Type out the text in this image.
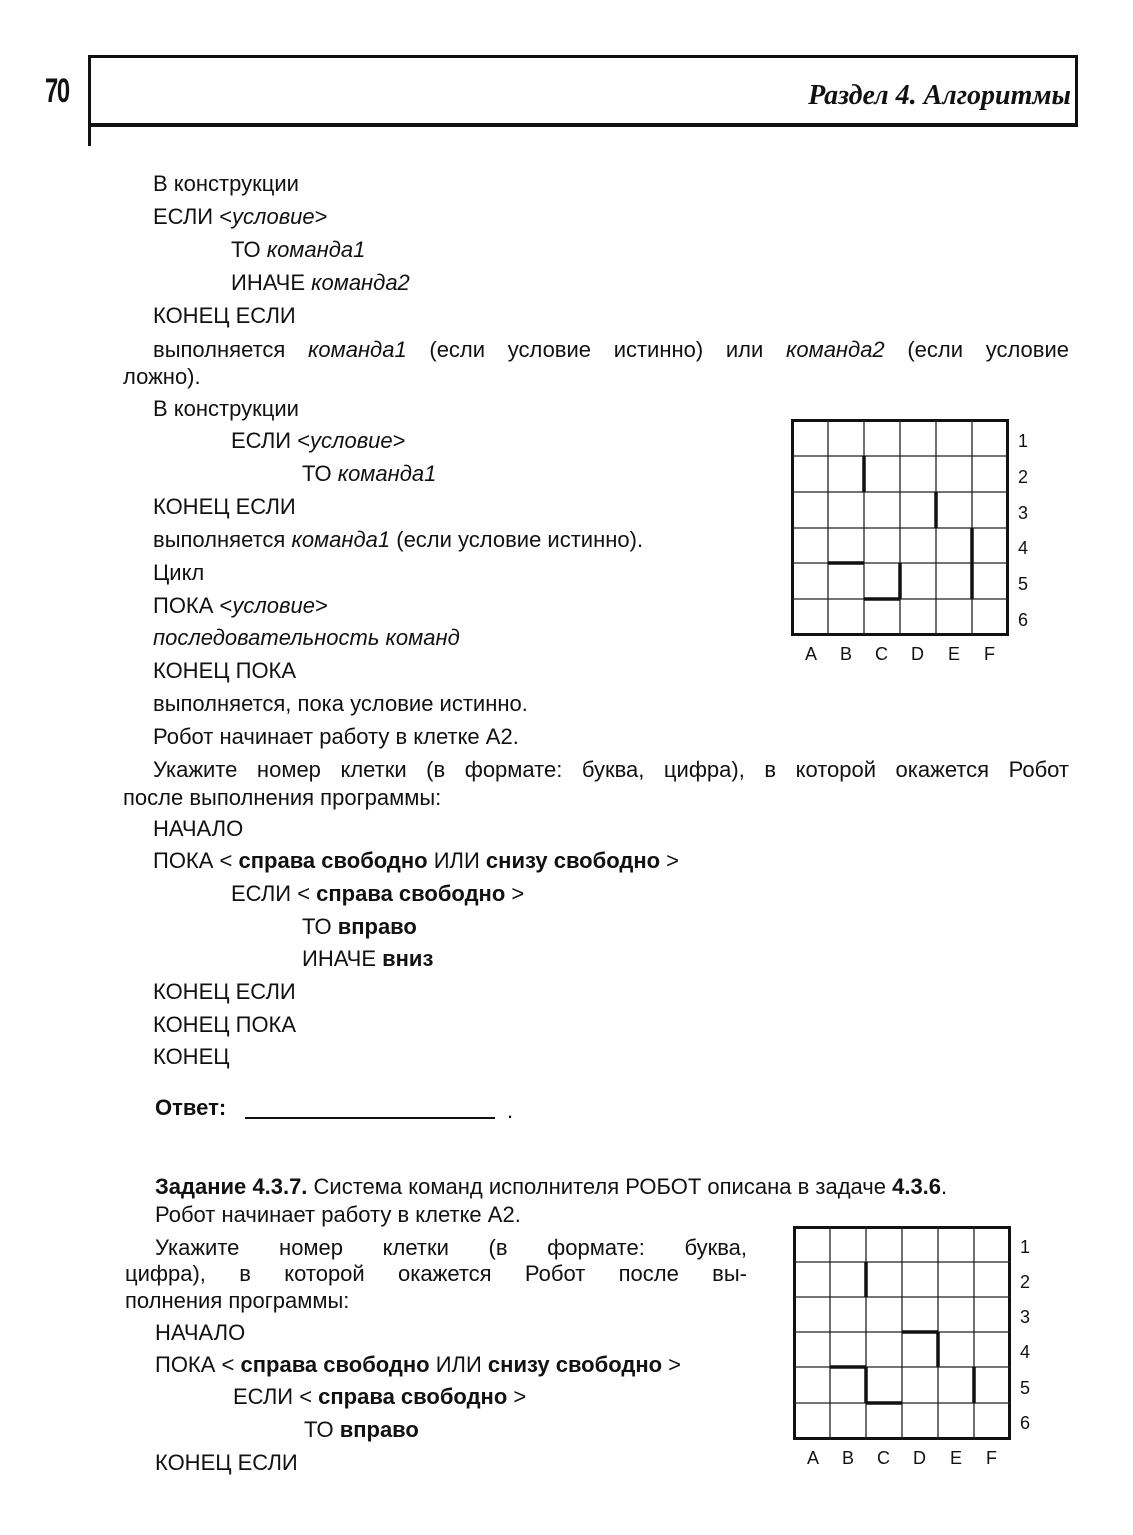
70	Раздел 4. Алгоритмы
В конструкции
ЕСЛИ <условие>
ТО команда1
ИНАЧЕ команда2
КОНЕЦ ЕСЛИ
выполняется команда1 (если условие истинно) или команда2 (если условие
ложно).
В конструкции
ЕСЛИ <условие>
ТО команда1
КОНЕЦ ЕСЛИ
выполняется команда1 (если условие истинно).
Цикл
ПОКА <условие>
последовательность команд
КОНЕЦ ПОКА
выполняется, пока условие истинно.
Робот начинает работу в клетке А2.
Укажите номер клетки (в формате: буква, цифра), в которой окажется Робот
после выполнения программы:
НАЧАЛО
ПОКА < справа свободно ИЛИ снизу свободно >
ЕСЛИ < справа свободно >
ТО вправо
ИНАЧЕ вниз
КОНЕЦ ЕСЛИ
КОНЕЦ ПОКА
КОНЕЦ
Ответ:	.
1
2
3
4
5
6
A B C D E F
Задание 4.3.7. Система команд исполнителя РОБОТ описана в задаче 4.3.6.
Робот начинает работу в клетке А2.
Укажите номер клетки (в формате: буква,
цифра), в которой окажется Робот после вы-
полнения программы:
НАЧАЛО
ПОКА < справа свободно ИЛИ снизу свободно >
ЕСЛИ < справа свободно >
ТО вправо
КОНЕЦ ЕСЛИ
1
2
3
4
5
6
A B C D E F
